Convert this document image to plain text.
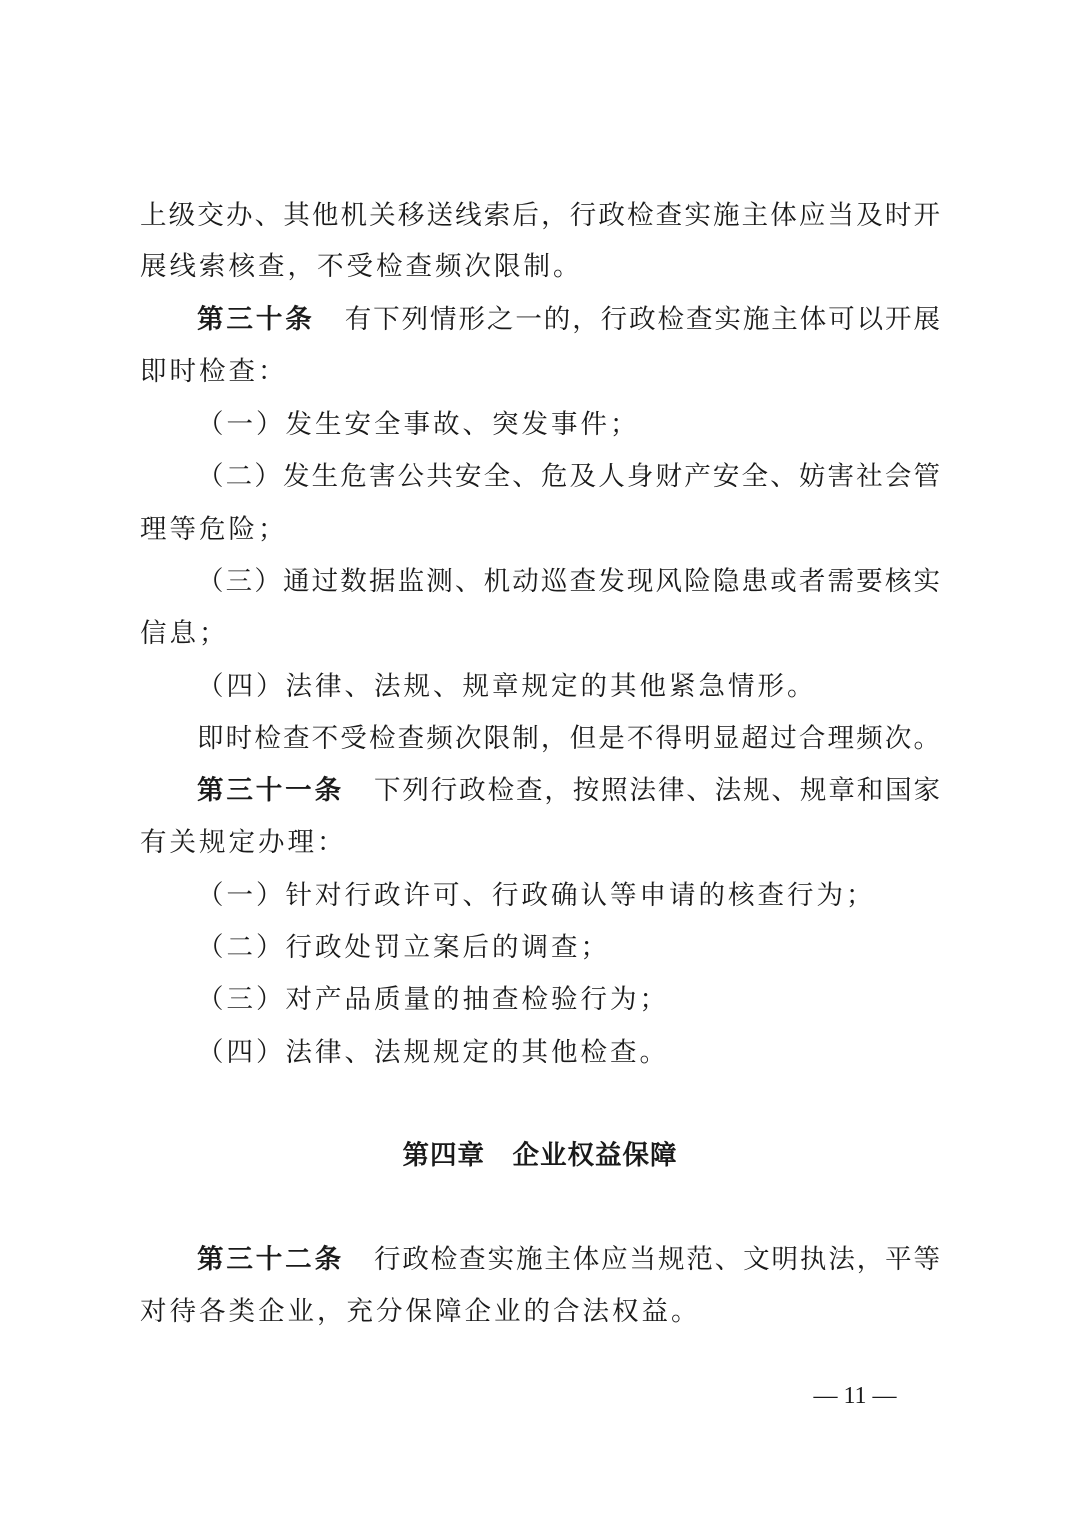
上级交办、其他机关移送线索后，行政检查实施主体应当及时开
展线索核查，不受检查频次限制。
第三十条 有下列情形之一的，行政检查实施主体可以开展
即时检查：
（一）发生安全事故、突发事件；
（二）发生危害公共安全、危及人身财产安全、妨害社会管
理等危险；
（三）通过数据监测、机动巡查发现风险隐患或者需要核实
信息；
（四）法律、法规、规章规定的其他紧急情形。
即时检查不受检查频次限制，但是不得明显超过合理频次。
第三十一条 下列行政检查，按照法律、法规、规章和国家
有关规定办理：
（一）针对行政许可、行政确认等申请的核查行为；
（二）行政处罚立案后的调查；
（三）对产品质量的抽查检验行为；
（四）法律、法规规定的其他检查。
第四章　企业权益保障
第三十二条 行政检查实施主体应当规范、文明执法，平等
对待各类企业，充分保障企业的合法权益。
— 11 —
